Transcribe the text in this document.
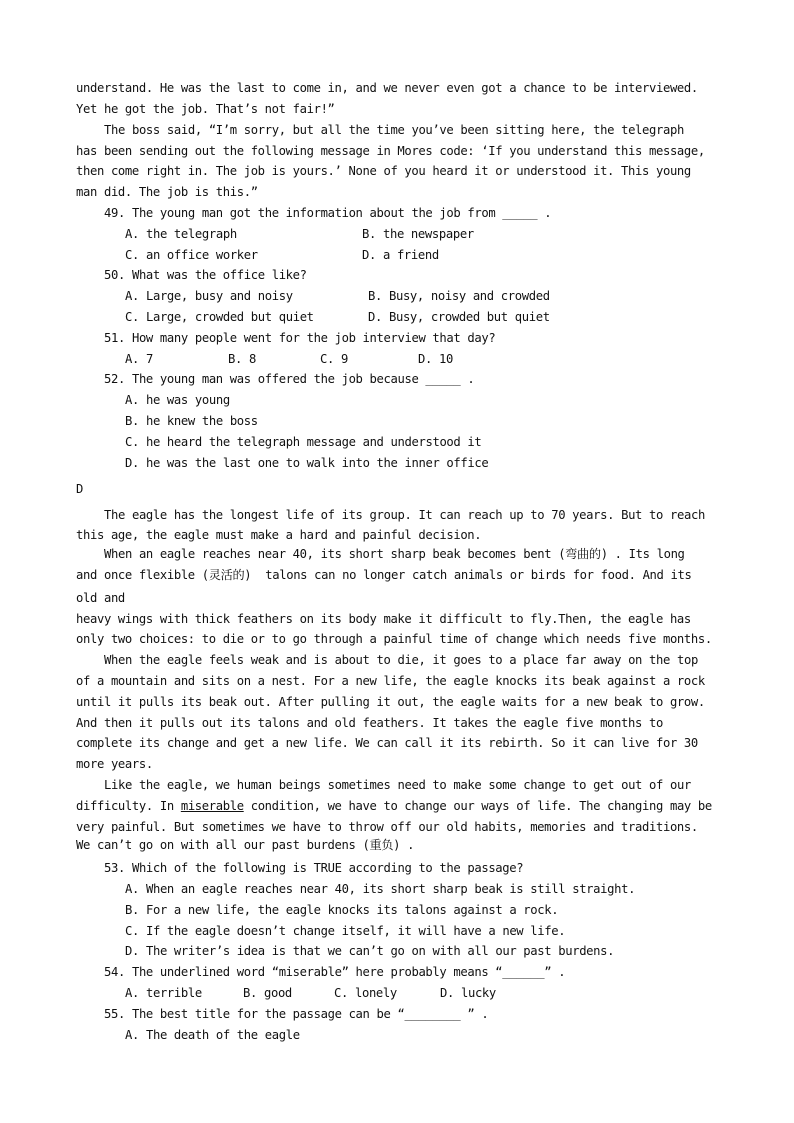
understand. He was the last to come in, and we never even got a chance to be interviewed.
Yet he got the job. That’s not fair!”
The boss said, “I’m sorry, but all the time you’ve been sitting here, the telegraph
has been sending out the following message in Mores code: ‘If you understand this message,
then come right in. The job is yours.’ None of you heard it or understood it. This young
man did. The job is this.”
49. The young man got the information about the job from _____ .
A. the telegraph	B. the newspaper
C. an office worker	D. a friend
50. What was the office like?
A. Large, busy and noisy	B. Busy, noisy and crowded
C. Large, crowded but quiet	D. Busy, crowded but quiet
51. How many people went for the job interview that day?
A. 7	B. 8	C. 9	D. 10
52. The young man was offered the job because _____ .
A. he was young
B. he knew the boss
C. he heard the telegraph message and understood it
D. he was the last one to walk into the inner office
D
The eagle has the longest life of its group. It can reach up to 70 years. But to reach
this age, the eagle must make a hard and painful decision.
When an eagle reaches near 40, its short sharp beak becomes bent (弯曲的) . Its long
and once flexible (灵活的)  talons can no longer catch animals or birds for food. And its
old and
heavy wings with thick feathers on its body make it difficult to fly.Then, the eagle has
only two choices: to die or to go through a painful time of change which needs five months.
When the eagle feels weak and is about to die, it goes to a place far away on the top
of a mountain and sits on a nest. For a new life, the eagle knocks its beak against a rock
until it pulls its beak out. After pulling it out, the eagle waits for a new beak to grow.
And then it pulls out its talons and old feathers. It takes the eagle five months to
complete its change and get a new life. We can call it its rebirth. So it can live for 30
more years.
Like the eagle, we human beings sometimes need to make some change to get out of our
difficulty. In miserable condition, we have to change our ways of life. The changing may be
very painful. But sometimes we have to throw off our old habits, memories and traditions.
We can’t go on with all our past burdens (重负) .
53. Which of the following is TRUE according to the passage?
A. When an eagle reaches near 40, its short sharp beak is still straight.
B. For a new life, the eagle knocks its talons against a rock.
C. If the eagle doesn’t change itself, it will have a new life.
D. The writer’s idea is that we can’t go on with all our past burdens.
54. The underlined word “miserable” here probably means “______” .
A. terrible	B. good	C. lonely	D. lucky
55. The best title for the passage can be “________ ” .
A. The death of the eagle
